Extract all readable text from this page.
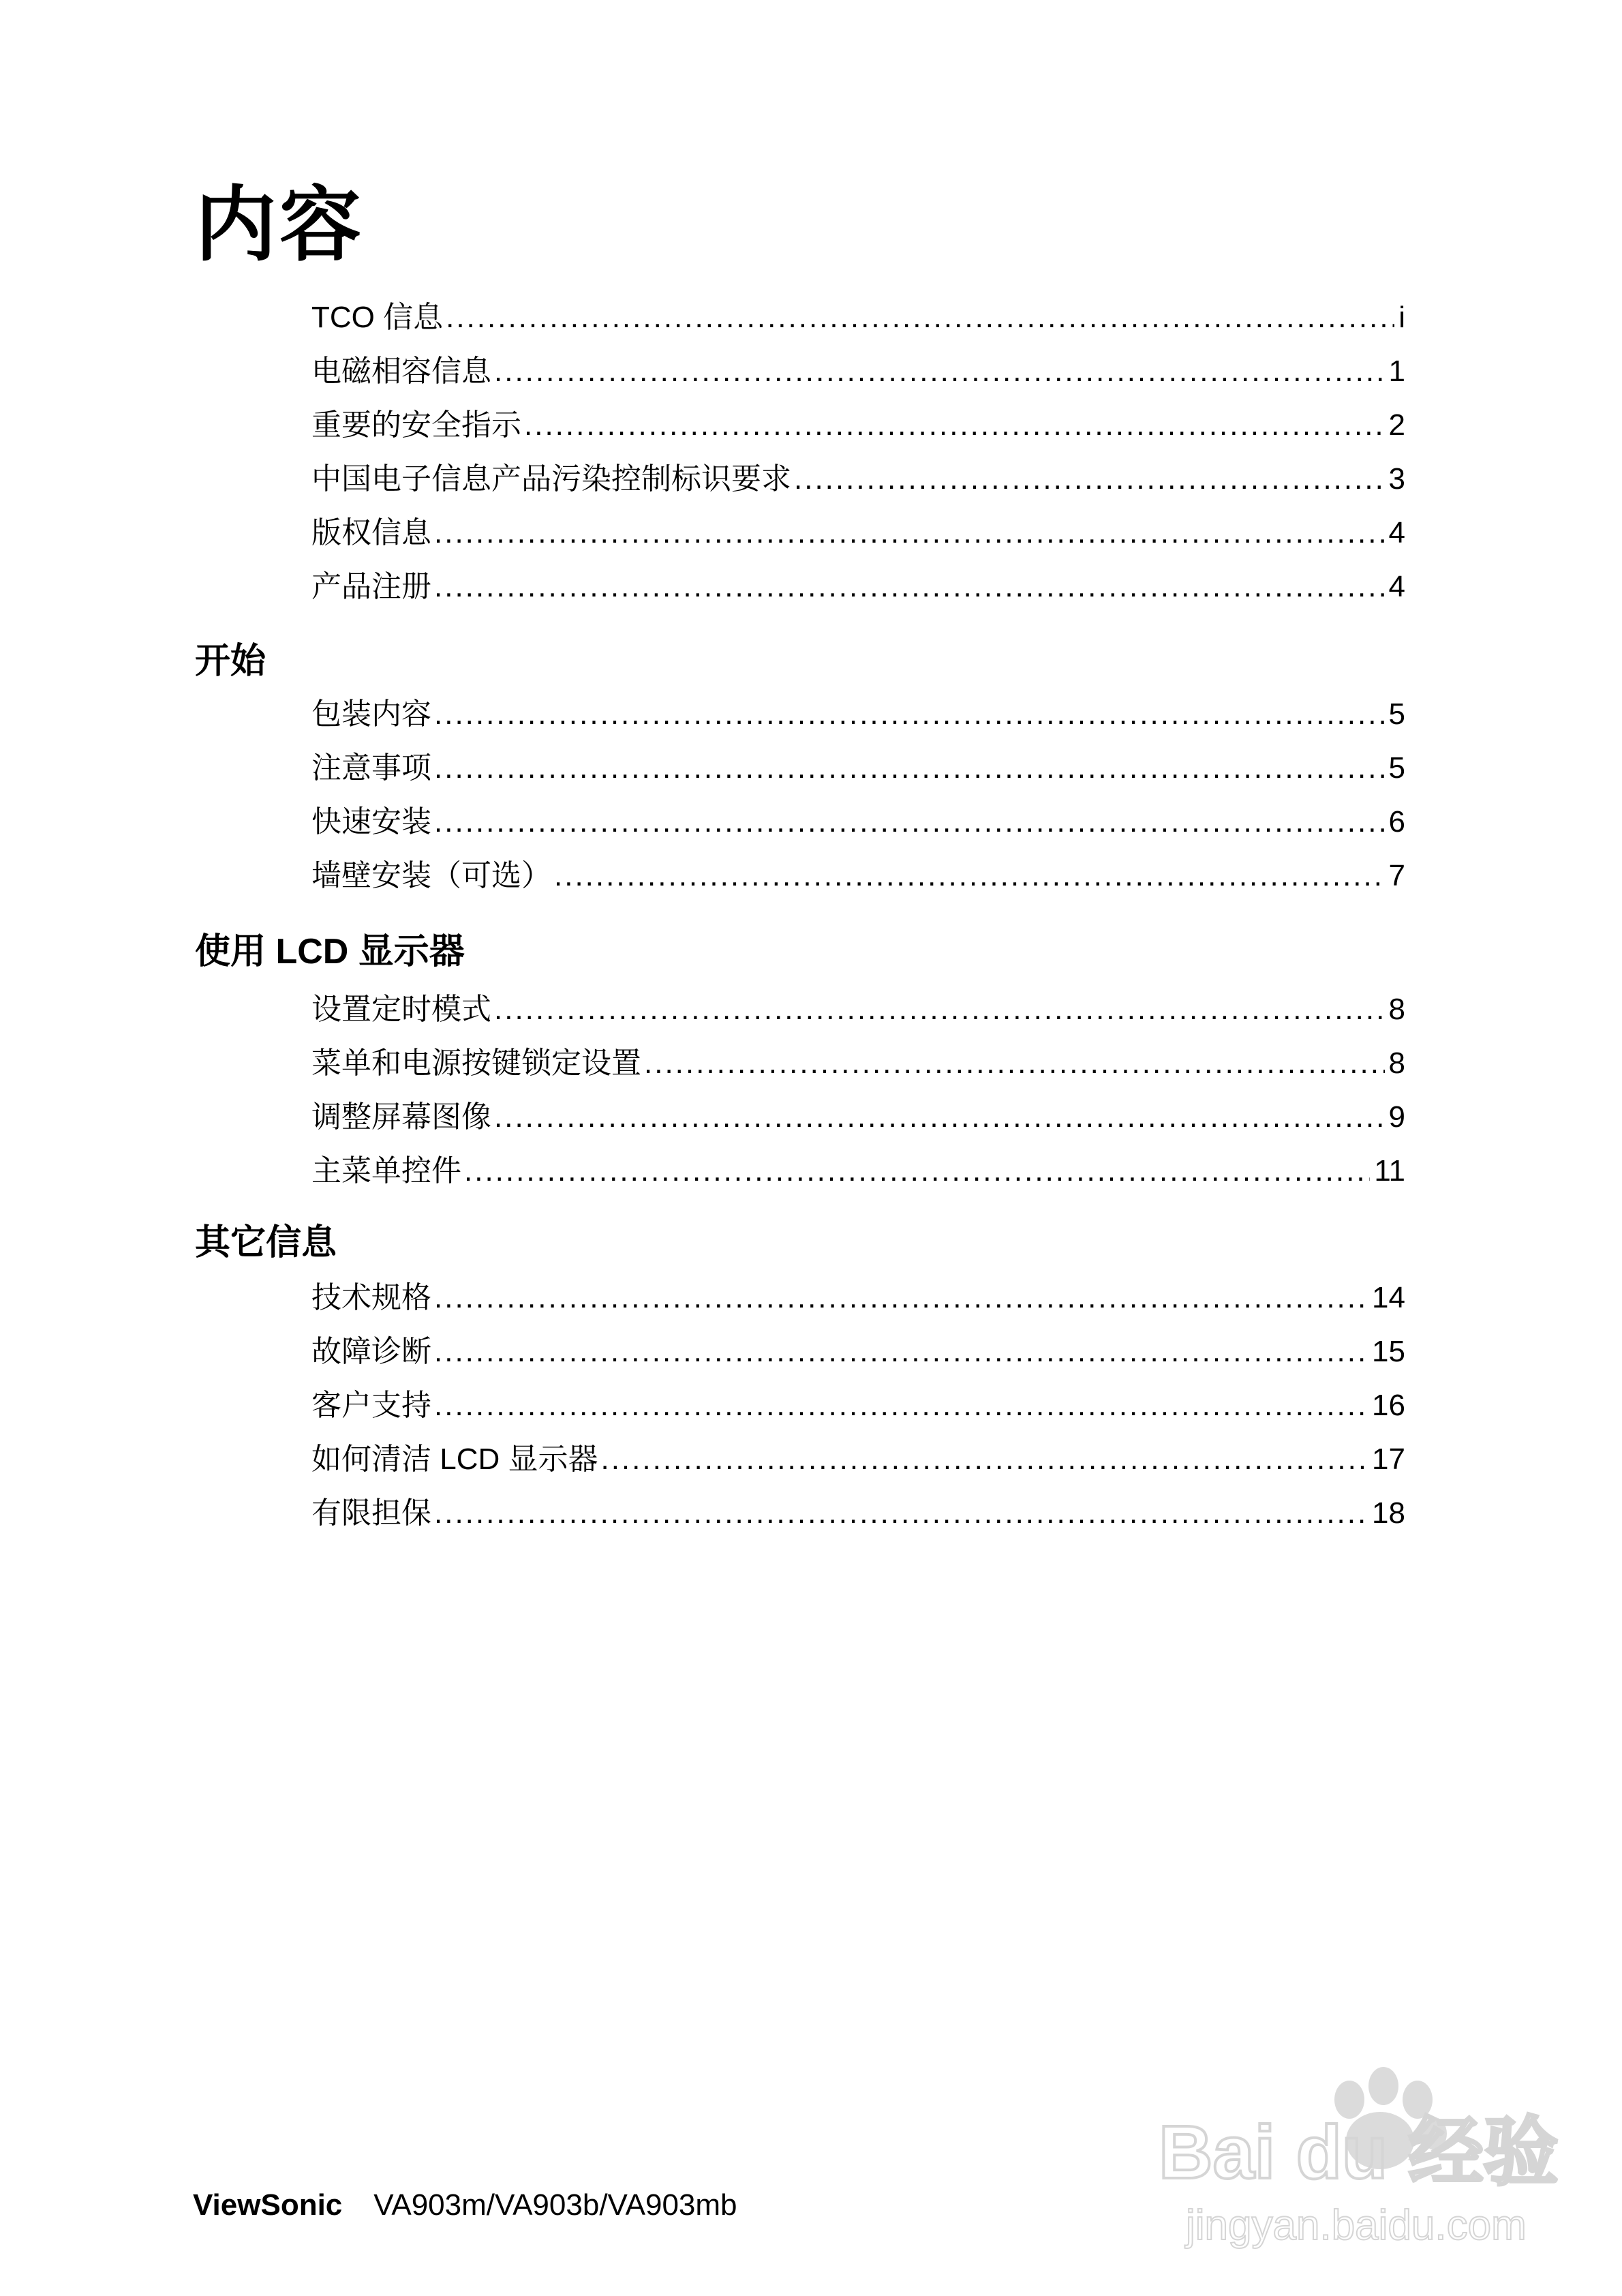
内容
TCO 信息 .....	i
电磁相容信息 .....	1
重要的安全指示 .....	2
中国电子信息产品污染控制标识要求 .....	3
版权信息 .....	4
产品注册 .....	4
开始
包装内容 .....	5
注意事项 .....	5
快速安装 .....	6
墙壁安装（可选） .....	7
使用 LCD 显示器
设置定时模式 .....	8
菜单和电源按键锁定设置 .....	8
调整屏幕图像 .....	9
主菜单控件 .....	11
其它信息
技术规格 .....	14
故障诊断 .....	15
客户支持 .....	16
如何清洁 LCD 显示器 .....	17
有限担保 .....	18
ViewSonic VA903m/VA903b/VA903mb
Bai du 经验
jingyan.baidu.com
